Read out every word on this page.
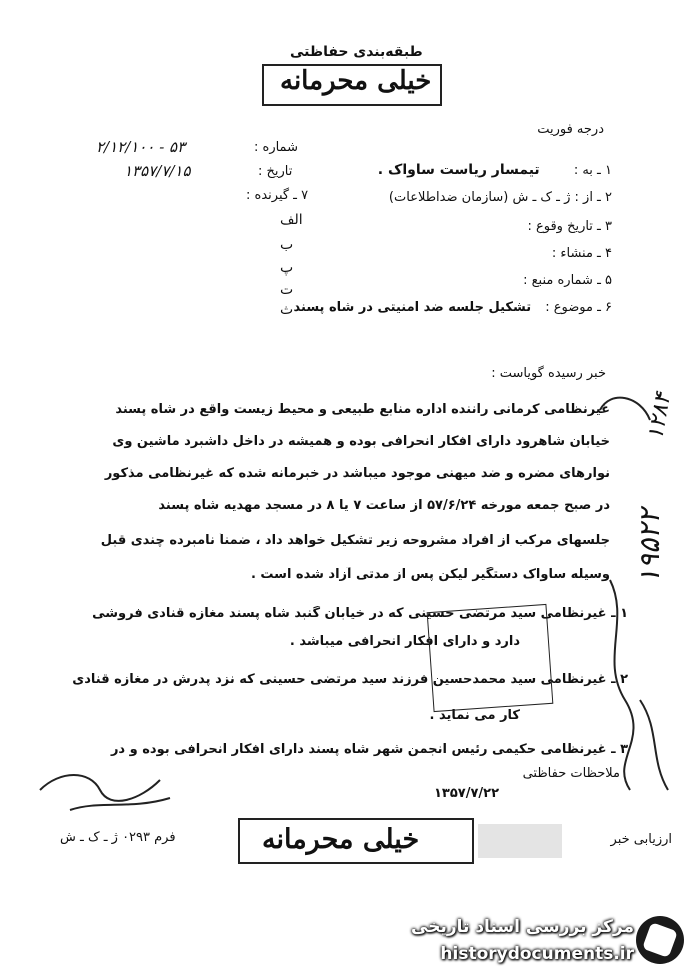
طبقه‌بندی حفاظتی
خیلی محرمانه
درجه فوریت
شماره :
۲/۱۲/۱۰۰ - ۵۳
تاریخ :
۱۳۵۷/۷/۱۵
۷ ـ گیرنده :
۱ ـ به : تیمسار ریاست ساواک .
۲ ـ از : ژ ـ ک ـ ش (سازمان ضداطلاعات)
۳ ـ تاریخ وقوع :
۴ ـ منشاء :
۵ ـ شماره منبع :
۶ ـ موضوع : تشکیل جلسه ضد امنیتی در شاه پسند
الف
ب
پ
ت
ث
خبر رسیده گویاست :
غیرنظامی کرمانی راننده اداره منابع طبیعی و محیط زیست واقع در شاه پسند
خیابان شاهرود دارای افکار انحرافی بوده و همیشه در داخل داشبرد ماشین وی
نوارهای مضره و ضد میهنی موجود میباشد در خبرمانه شده که غیرنظامی مذکور
در صبح جمعه مورخه ۵۷/۶/۲۴ از ساعت ۷ یا ۸ در مسجد مهدیه شاه پسند
جلسهای مرکب از افراد مشروحه زیر تشکیل خواهد داد ، ضمناً نامبرده چندی قبل
وسیله ساواک دستگیر لیکن پس از مدتی آزاد شده است .
۱ ـ غیرنظامی سید مرتضی حسینی که در خیابان گنبد شاه پسند مغازه قنادی فروشی
دارد و دارای افکار انحرافی میباشد .
۲ ـ غیرنظامی سید محمدحسین فرزند سید مرتضی حسینی که نزد پدرش در مغازه قنادی
کار می نماید .
۳ ـ غیرنظامی حکیمی رئیس انجمن شهر شاه پسند دارای افکار انحرافی بوده و در
ملاحظات حفاظتی
۱۳۵۷/۷/۲۲
فرم ۰۲۹۳ ژ ـ ک ـ ش	ارزیابی خبر
خیلی محرمانه
۱۲۸۴
۱۹۵۲۲
مرکز بررسی اسناد تاریخی
historydocuments.ir
